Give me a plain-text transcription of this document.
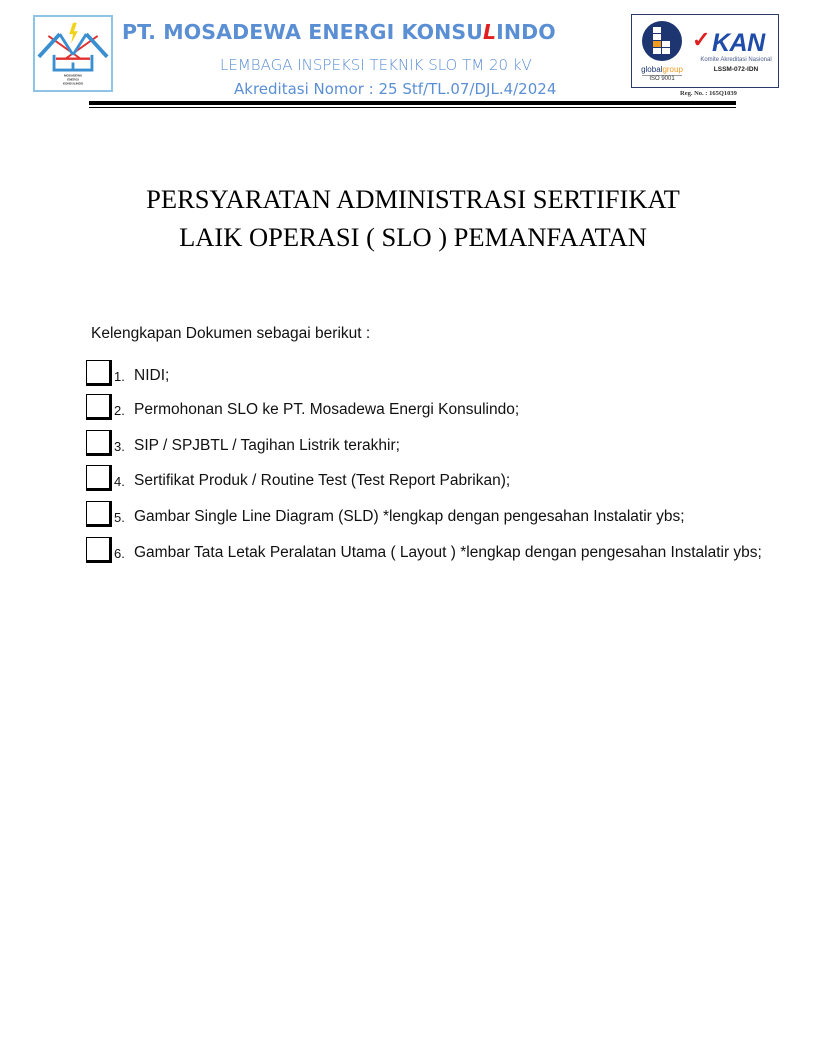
MOSADEWA
ENERGI
KONSULINDO
PT. MOSADEWA ENERGI KONSULINDO
LEMBAGA INSPEKSI TEKNIK SLO TM 20 kV
Akreditasi Nomor : 25 Stf/TL.07/DJL.4/2024
globalgroup
ISO 9001
✓ KAN
Komite Akreditasi Nasional
LSSM-072-IDN
Reg. No. : 165Q1039
PERSYARATAN ADMINISTRASI SERTIFIKAT
LAIK OPERASI ( SLO ) PEMANFAATAN
Kelengkapan Dokumen sebagai berikut :
1. NIDI;
2. Permohonan SLO ke PT. Mosadewa Energi Konsulindo;
3. SIP / SPJBTL / Tagihan Listrik terakhir;
4. Sertifikat Produk / Routine Test (Test Report Pabrikan);
5. Gambar Single Line Diagram (SLD) *lengkap dengan pengesahan Instalatir ybs;
6. Gambar Tata Letak Peralatan Utama ( Layout ) *lengkap dengan pengesahan Instalatir ybs;
